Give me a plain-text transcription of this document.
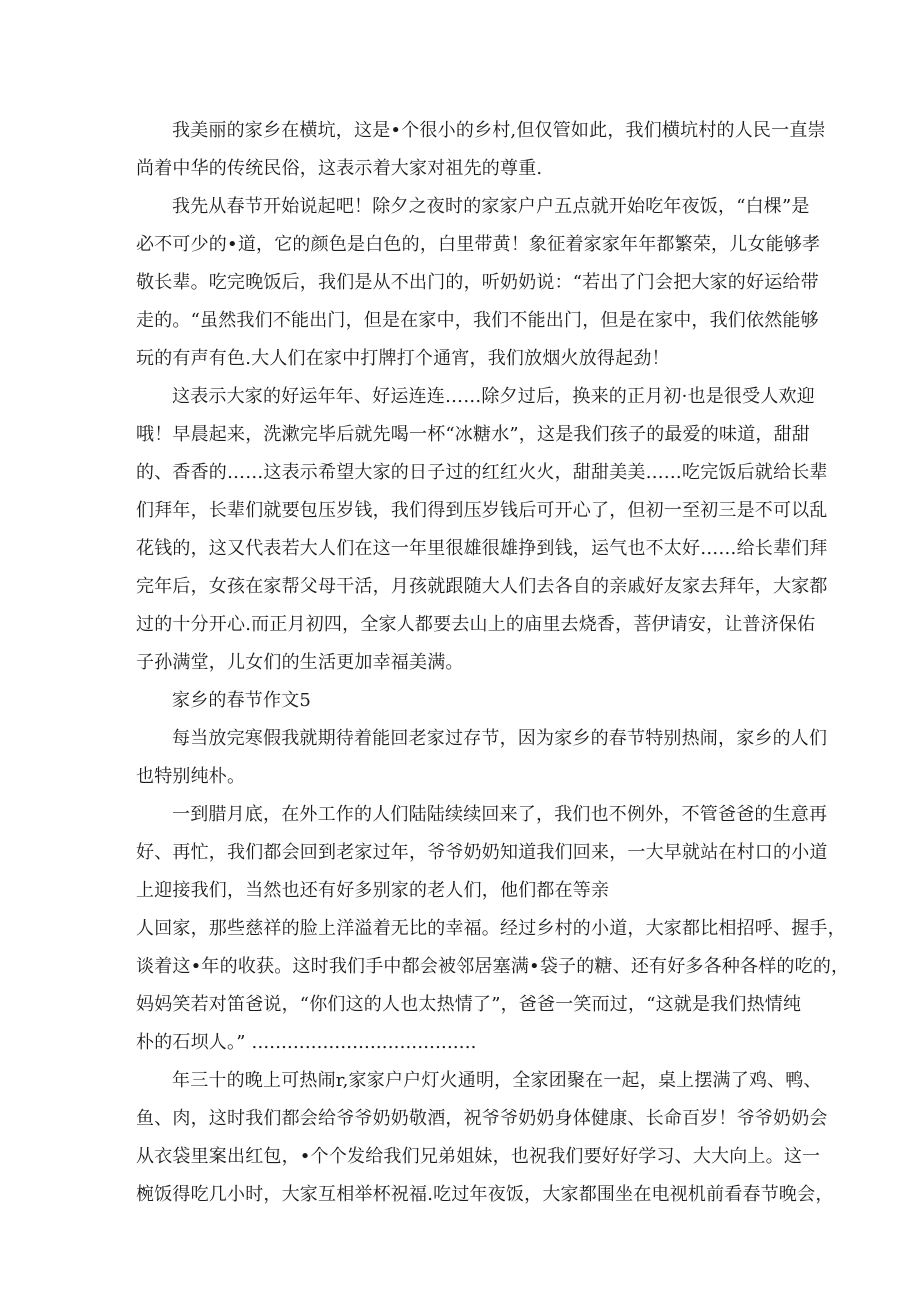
我美丽的家乡在横坑，这是•个很小的乡村,但仅管如此，我们横坑村的人民一直崇
尚着中华的传统民俗，这表示着大家对祖先的尊重.
我先从春节开始说起吧！除夕之夜时的家家户户五点就开始吃年夜饭，“白棵”是
必不可少的•道，它的颜色是白色的，白里带黄！象征着家家年年都繁荣，儿女能够孝
敬长辈。吃完晚饭后，我们是从不出门的，听奶奶说：“若出了门会把大家的好运给带
走的。“虽然我们不能出门，但是在家中，我们不能出门，但是在家中，我们依然能够
玩的有声有色.大人们在家中打牌打个通宵，我们放烟火放得起劲！
这表示大家的好运年年、好运连连……除夕过后，换来的正月初·也是很受人欢迎
哦！早晨起来，洗漱完毕后就先喝一杯“冰糖水”，这是我们孩子的最爱的味道，甜甜
的、香香的……这表示希望大家的日子过的红红火火，甜甜美美……吃完饭后就给长辈
们拜年，长辈们就要包压岁钱，我们得到压岁钱后可开心了，但初一至初三是不可以乱
花钱的，这又代表若大人们在这一年里很雄很雄挣到钱，运气也不太好……给长辈们拜
完年后，女孩在家帮父母干活，月孩就跟随大人们去各自的亲戚好友家去拜年，大家都
过的十分开心.而正月初四，全家人都要去山上的庙里去烧香，菩伊请安，让普济保佑
子孙满堂，儿女们的生活更加幸福美满。
家乡的春节作文5
每当放完寒假我就期待着能回老家过存节，因为家乡的春节特别热闹，家乡的人们
也特别纯朴。
一到腊月底，在外工作的人们陆陆续续回来了，我们也不例外，不管爸爸的生意再
好、再忙，我们都会回到老家过年，爷爷奶奶知道我们回来，一大早就站在村口的小道
上迎接我们，当然也还有好多别家的老人们，他们都在等亲
人回家，那些慈祥的脸上洋溢着无比的幸福。经过乡村的小道，大家都比相招呼、握手，
谈着这•年的收获。这时我们手中都会被邻居塞满•袋子的糖、还有好多各种各样的吃的，
妈妈笑若对笛爸说，“你们这的人也太热情了”，爸爸一笑而过，“这就是我们热情纯
朴的石坝人。” ......................................
年三十的晚上可热闹r,家家户户灯火通明，全家团聚在一起，桌上摆满了鸡、鸭、
鱼、肉，这时我们都会给爷爷奶奶敬酒，祝爷爷奶奶身体健康、长命百岁！爷爷奶奶会
从衣袋里案出红包，•个个发给我们兄弟姐妹，也祝我们要好好学习、大大向上。这一
椀饭得吃几小时，大家互相举杯祝福.吃过年夜饭，大家都围坐在电视机前看春节晚会，
